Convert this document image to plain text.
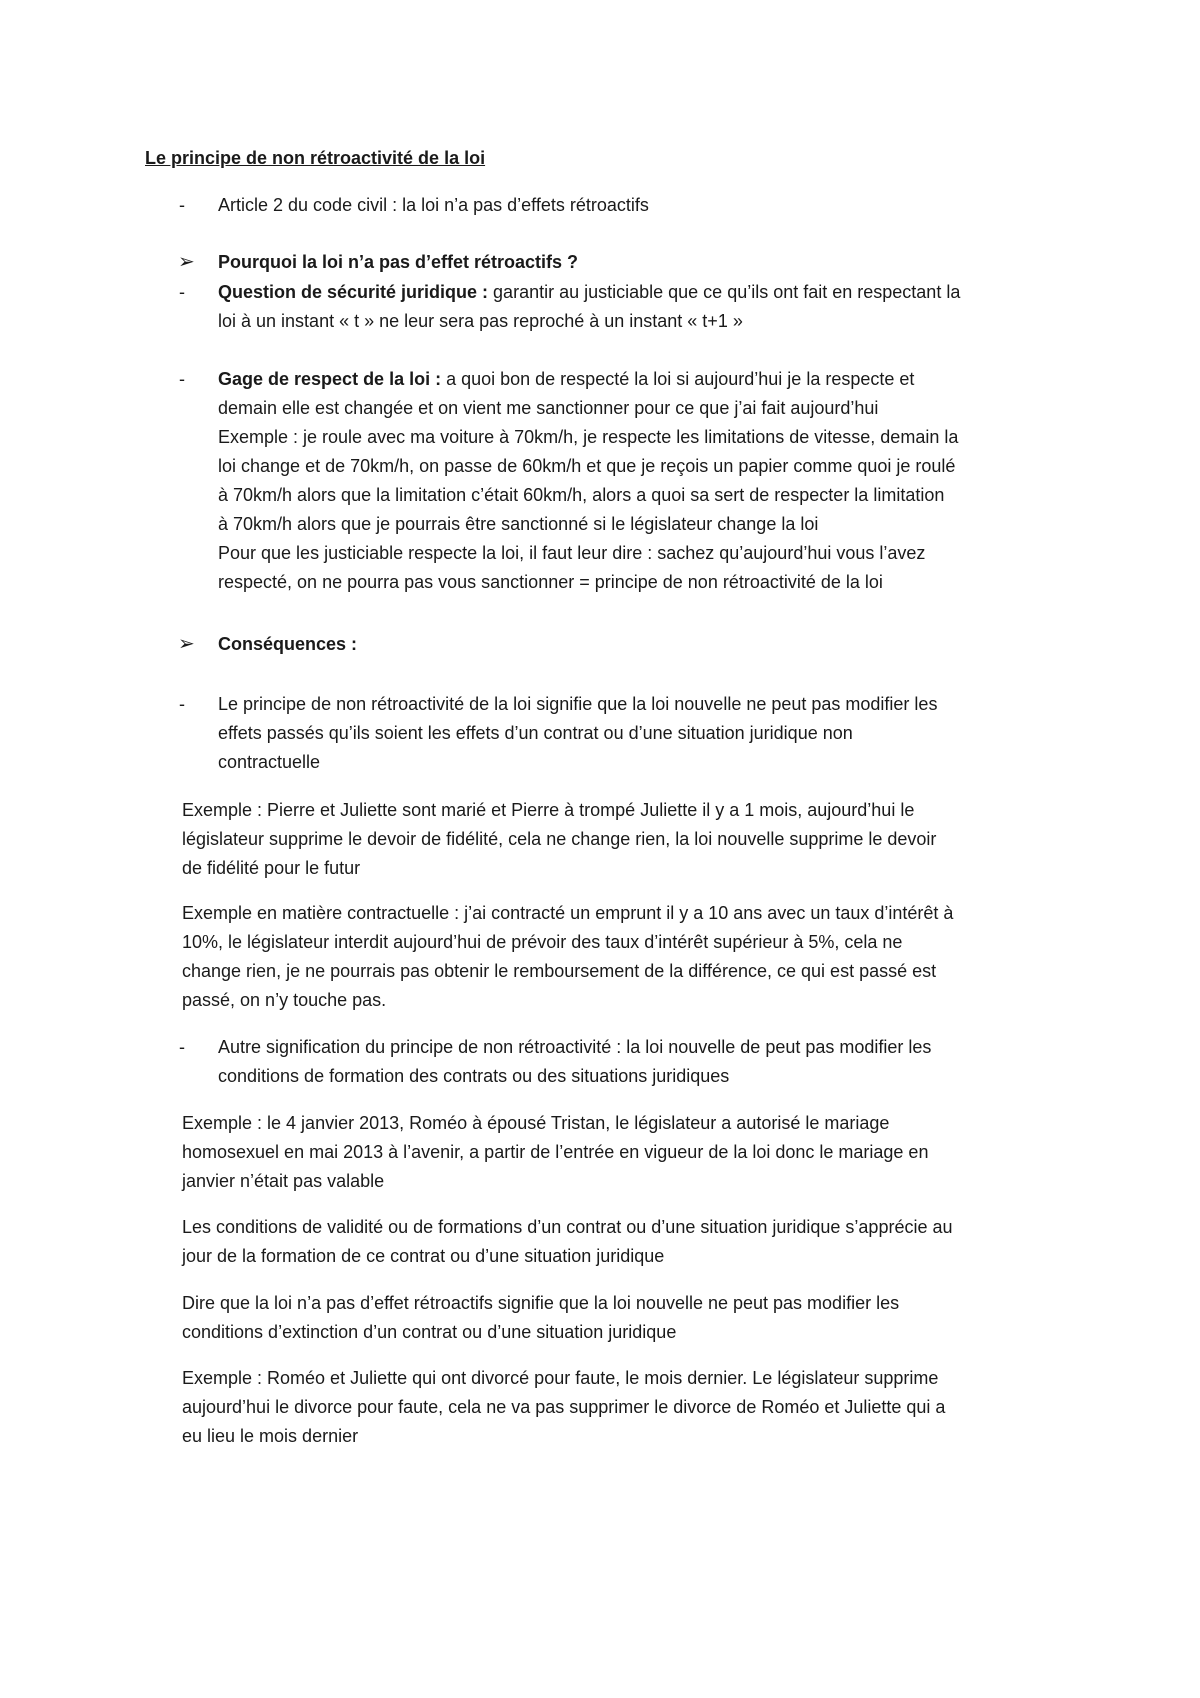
Le principe de non rétroactivité de la loi
- Article 2 du code civil : la loi n’a pas d’effets rétroactifs
➢ Pourquoi la loi n’a pas d’effet rétroactifs ?
- Question de sécurité juridique : garantir au justiciable que ce qu’ils ont fait en respectant la
loi à un instant « t » ne leur sera pas reproché à un instant « t+1 »
- Gage de respect de la loi : a quoi bon de respecté la loi si aujourd’hui je la respecte et
demain elle est changée et on vient me sanctionner pour ce que j’ai fait aujourd’hui
Exemple : je roule avec ma voiture à 70km/h, je respecte les limitations de vitesse, demain la
loi change et de 70km/h, on passe de 60km/h et que je reçois un papier comme quoi je roulé
à 70km/h alors que la limitation c’était 60km/h, alors a quoi sa sert de respecter la limitation
à 70km/h alors que je pourrais être sanctionné si le législateur change la loi
Pour que les justiciable respecte la loi, il faut leur dire : sachez qu’aujourd’hui vous l’avez
respecté, on ne pourra pas vous sanctionner = principe de non rétroactivité de la loi
➢ Conséquences :
- Le principe de non rétroactivité de la loi signifie que la loi nouvelle ne peut pas modifier les
effets passés qu’ils soient les effets d’un contrat ou d’une situation juridique non
contractuelle
Exemple : Pierre et Juliette sont marié et Pierre à trompé Juliette il y a 1 mois, aujourd’hui le
législateur supprime le devoir de fidélité, cela ne change rien, la loi nouvelle supprime le devoir
de fidélité pour le futur
Exemple en matière contractuelle : j’ai contracté un emprunt il y a 10 ans avec un taux d’intérêt à
10%, le législateur interdit aujourd’hui de prévoir des taux d’intérêt supérieur à 5%, cela ne
change rien, je ne pourrais pas obtenir le remboursement de la différence, ce qui est passé est
passé, on n’y touche pas.
- Autre signification du principe de non rétroactivité : la loi nouvelle de peut pas modifier les
conditions de formation des contrats ou des situations juridiques
Exemple : le 4 janvier 2013, Roméo à épousé Tristan, le législateur a autorisé le mariage
homosexuel en mai 2013 à l’avenir, a partir de l’entrée en vigueur de la loi donc le mariage en
janvier n’était pas valable
Les conditions de validité ou de formations d’un contrat ou d’une situation juridique s’apprécie au
jour de la formation de ce contrat ou d’une situation juridique
Dire que la loi n’a pas d’effet rétroactifs signifie que la loi nouvelle ne peut pas modifier les
conditions d’extinction d’un contrat ou d’une situation juridique
Exemple : Roméo et Juliette qui ont divorcé pour faute, le mois dernier. Le législateur supprime
aujourd’hui le divorce pour faute, cela ne va pas supprimer le divorce de Roméo et Juliette qui a
eu lieu le mois dernier
